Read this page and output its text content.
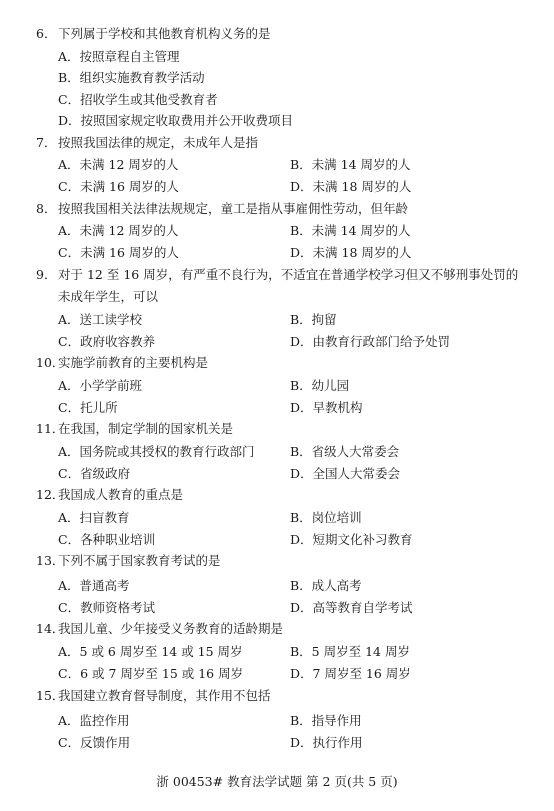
6． 下列属于学校和其他教育机构义务的是
A．按照章程自主管理
B．组织实施教育教学活动
C．招收学生或其他受教育者
D．按照国家规定收取费用并公开收费项目
7． 按照我国法律的规定，未成年人是指
A．未满 12 周岁的人	B．未满 14 周岁的人
C．未满 16 周岁的人	D．未满 18 周岁的人
8． 按照我国相关法律法规规定，童工是指从事雇佣性劳动，但年龄
A．未满 12 周岁的人	B．未满 14 周岁的人
C．未满 16 周岁的人	D．未满 18 周岁的人
9． 对于 12 至 16 周岁，有严重不良行为，不适宜在普通学校学习但又不够刑事处罚的
未成年学生，可以
A．送工读学校	B．拘留
C．政府收容教养	D．由教育行政部门给予处罚
10．实施学前教育的主要机构是
A．小学学前班	B．幼儿园
C．托儿所	D．早教机构
11．在我国，制定学制的国家机关是
A．国务院或其授权的教育行政部门	B．省级人大常委会
C．省级政府	D．全国人大常委会
12．我国成人教育的重点是
A．扫盲教育	B．岗位培训
C．各种职业培训	D．短期文化补习教育
13．下列不属于国家教育考试的是
A．普通高考	B．成人高考
C．教师资格考试	D．高等教育自学考试
14．我国儿童、少年接受义务教育的适龄期是
A．5 或 6 周岁至 14 或 15 周岁	B．5 周岁至 14 周岁
C．6 或 7 周岁至 15 或 16 周岁	D．7 周岁至 16 周岁
15．我国建立教育督导制度，其作用不包括
A．监控作用	B．指导作用
C．反馈作用	D．执行作用
浙 00453# 教育法学试题 第 2 页(共 5 页)
